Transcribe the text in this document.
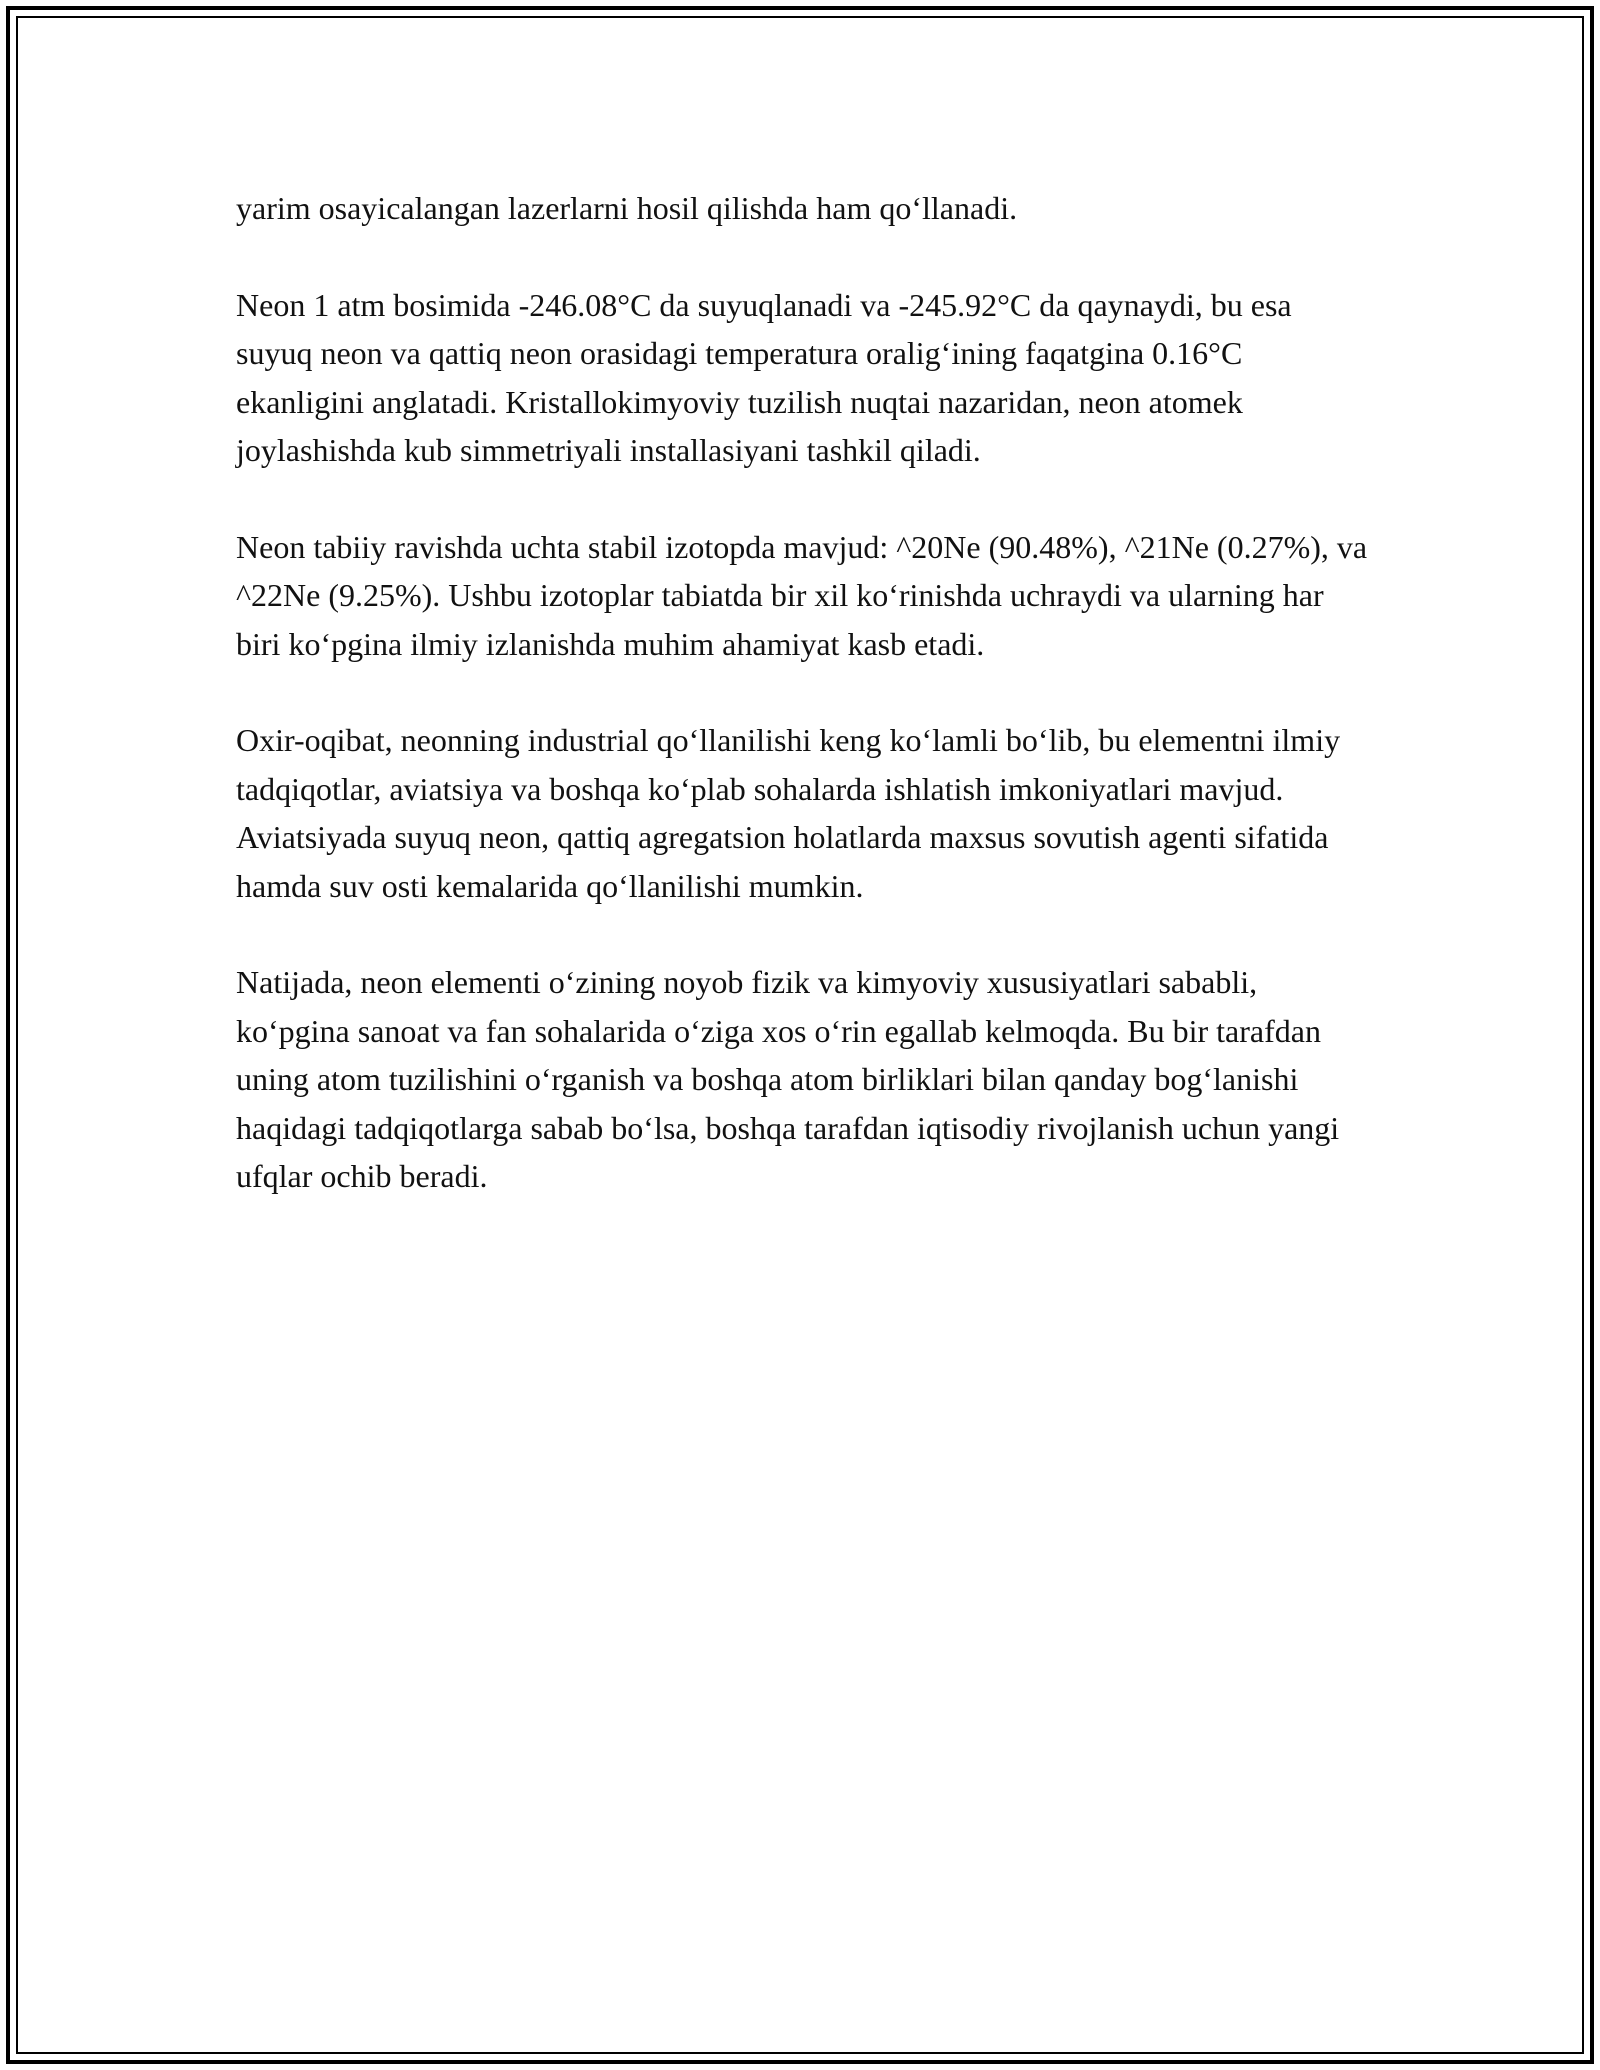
yarim osayicalangan lazerlarni hosil qilishda ham qo‘llanadi.

Neon 1 atm bosimida -246.08°C da suyuqlanadi va -245.92°C da qaynaydi, bu esa suyuq neon va qattiq neon orasidagi temperatura oralig‘ining faqatgina 0.16°C ekanligini anglatadi. Kristallokimyoviy tuzilish nuqtai nazaridan, neon atomek joylashishda kub simmetriyali installasiyani tashkil qiladi.

Neon tabiiy ravishda uchta stabil izotopda mavjud: ^20Ne (90.48%), ^21Ne (0.27%), va ^22Ne (9.25%). Ushbu izotoplar tabiatda bir xil ko‘rinishda uchraydi va ularning har biri ko‘pgina ilmiy izlanishda muhim ahamiyat kasb etadi.

Oxir-oqibat, neonning industrial qo‘llanilishi keng ko‘lamli bo‘lib, bu elementni ilmiy tadqiqotlar, aviatsiya va boshqa ko‘plab sohalarda ishlatish imkoniyatlari mavjud. Aviatsiyada suyuq neon, qattiq agregatsion holatlarda maxsus sovutish agenti sifatida hamda suv osti kemalarida qo‘llanilishi mumkin.

Natijada, neon elementi o‘zining noyob fizik va kimyoviy xususiyatlari sababli, ko‘pgina sanoat va fan sohalarida o‘ziga xos o‘rin egallab kelmoqda. Bu bir tarafdan uning atom tuzilishini o‘rganish va boshqa atom birliklari bilan qanday bog‘lanishi haqidagi tadqiqotlarga sabab bo‘lsa, boshqa tarafdan iqtisodiy rivojlanish uchun yangi ufqlar ochib beradi.
